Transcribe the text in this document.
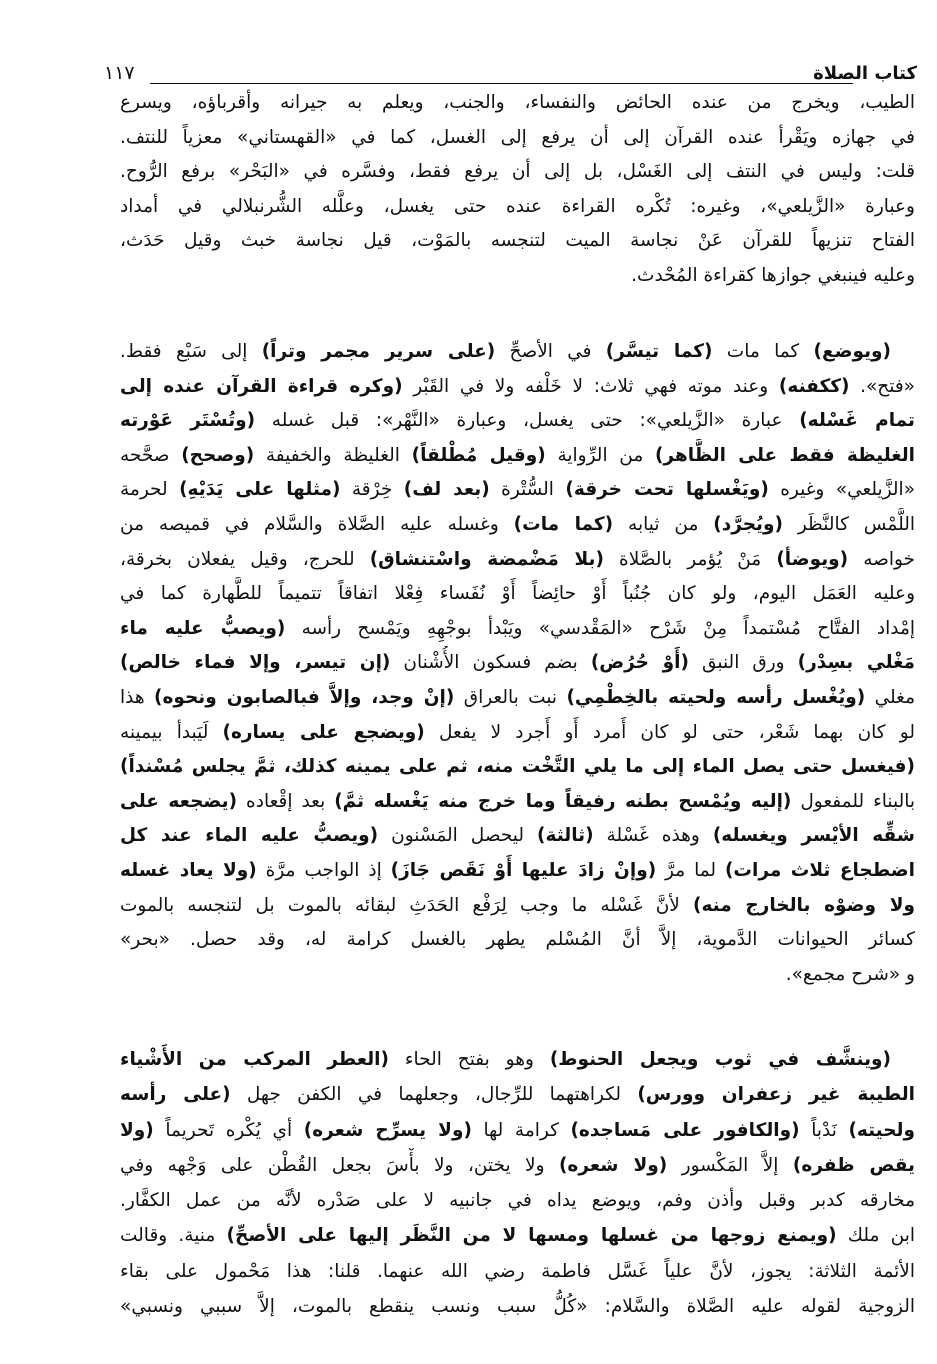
كتاب الصلاة
١١٧
الطيب، ويخرج من عنده الحائض والنفساء، والجنب، ويعلم به جيرانه وأقرباؤه، ويسرع
في جهازه ويَقْرأ عنده القرآن إلى أن يرفع إلى الغسل، كما في «القهستاني» معزياً للنتف.
قلت: وليس في النتف إلى الغَسْل، بل إلى أن يرفع فقط، وفسَّره في «البَحْر» برفع الرُّوح.
وعبارة «الزَّيلعي»، وغيره: تُكْره القراءة عنده حتى يغسل، وعلَّله الشُّرنبلالي في أمداد
الفتاح تنزيهاً للقرآن عَنْ نجاسة الميت لتنجسه بالمَوْت، قيل نجاسة خبث وقيل حَدَث،
وعليه فينبغي جوازها كقراءة المُحْدث.
(ويوضع) كما مات (كما تيسَّر) في الأصحِّ (على سرير مجمر وتراً) إلى سَبْع فقط.
«فتح». (ككفنه) وعند موته فهي ثلاث: لا خَلْفه ولا في القَبْر (وكره قراءة القرآن عنده إلى
تمام غَسْله) عبارة «الزَّيلعي»: حتى يغسل، وعبارة «النَّهْر»: قبل غسله (وتُسْتَر عَوْرته
الغليظة فقط على الظَّاهر) من الرِّواية (وقيل مُطْلقاً) الغليظة والخفيفة (وصحح) صحَّحه
«الزَّيلعي» وغيره (ويَغْسلها تحت خرقة) السُّتْرة (بعد لف) خِرْقة (مثلها على يَدَيْهِ) لحرمة
اللَّمْس كالنَّظَر (ويُجرَّد) من ثيابه (كما مات) وغسله عليه الصَّلاة والسَّلام في قميصه من
خواصه (ويوضأ) مَنْ يُؤمر بالصَّلاة (بلا مَضْمضة واسْتنشاق) للحرج، وقيل يفعلان بخرقة،
وعليه العَمَل اليوم، ولو كان جُنُباً أَوْ حائِضاً أَوْ نُفَساء فِعْلا اتفاقاً تتميماً للطَّهارة كما في
إمْداد الفتَّاح مُسْتمداً مِنْ شَرْح «المَقْدسي» ويَبْدأ بوجْهِهِ ويَمْسح رأسه (ويصبُّ عليه ماء
مَغْلي بسِدْر) ورق النبق (أَوْ حُرُض) بضم فسكون الأُشْنان (إن تيسر، وإلا فماء خالص)
مغلي (ويُغْسل رأسه ولحيته بالخِطْمِي) نبت بالعراق (إنْ وجد، وإلاَّ فبالصابون ونحوه) هذا
لو كان بهما شَعْر، حتى لو كان أَمرد أَو أَجرد لا يفعل (ويضجع على يساره) لَيَبدأ بيمينه
(فيغسل حتى يصل الماء إلى ما يلي التَّخْت منه، ثم على يمينه كذلك، ثمَّ يجلس مُسْنداً)
بالبناء للمفعول (إليه ويُمْسح بطنه رفيقاً وما خرج منه يَغْسله ثمَّ) بعد إقْعاده (يضجعه على
شقِّه الأيْسر ويغسله) وهذه غَسْلة (ثالثة) ليحصل المَسْنون (ويصبُّ عليه الماء عند كل
اضطجاع ثلاث مرات) لما مرَّ (وإنْ زادَ عليها أَوْ نَقَص جَازَ) إذ الواجب مرَّة (ولا يعاد غسله
ولا وضوْه بالخارج منه) لأنَّ غَسْله ما وجب لِرَفْع الحَدَثِ لبقائه بالموت بل لتنجسه بالموت
كسائر الحيوانات الدَّموية، إلاَّ أنَّ المُسْلم يطهر بالغسل كرامة له، وقد حصل. «بحر»
و «شرح مجمع».
(وينشَّف في ثوب ويجعل الحنوط) وهو بفتح الحاء (العطر المركب من الأَشْياء
الطيبة غير زعفران وورس) لكراهتهما للرِّجال، وجعلهما في الكفن جهل (على رأسه
ولحيته) نَدْباً (والكافور على مَساجده) كرامة لها (ولا يسرِّح شعره) أي يُكْره تَحريماً (ولا
يقص ظفره) إلاَّ المَكْسور (ولا شعره) ولا يختن، ولا بأْسَ بجعل القُطْن على وَجْهه وفي
مخارقه كدبر وقبل وأذن وفم، ويوضع يداه في جانبيه لا على صَدْره لأنَّه من عمل الكفَّار.
ابن ملك (ويمنع زوجها من غسلها ومسها لا من النَّظَر إليها على الأصحِّ) منية. وقالت
الأئمة الثلاثة: يجوز، لأنَّ علياً غَسَّل فاطمة رضي الله عنهما. قلنا: هذا مَحْمول على بقاء
الزوجية لقوله عليه الصَّلاة والسَّلام: «كُلُّ سبب ونسب ينقطع بالموت، إلاَّ سببي ونسبي»
